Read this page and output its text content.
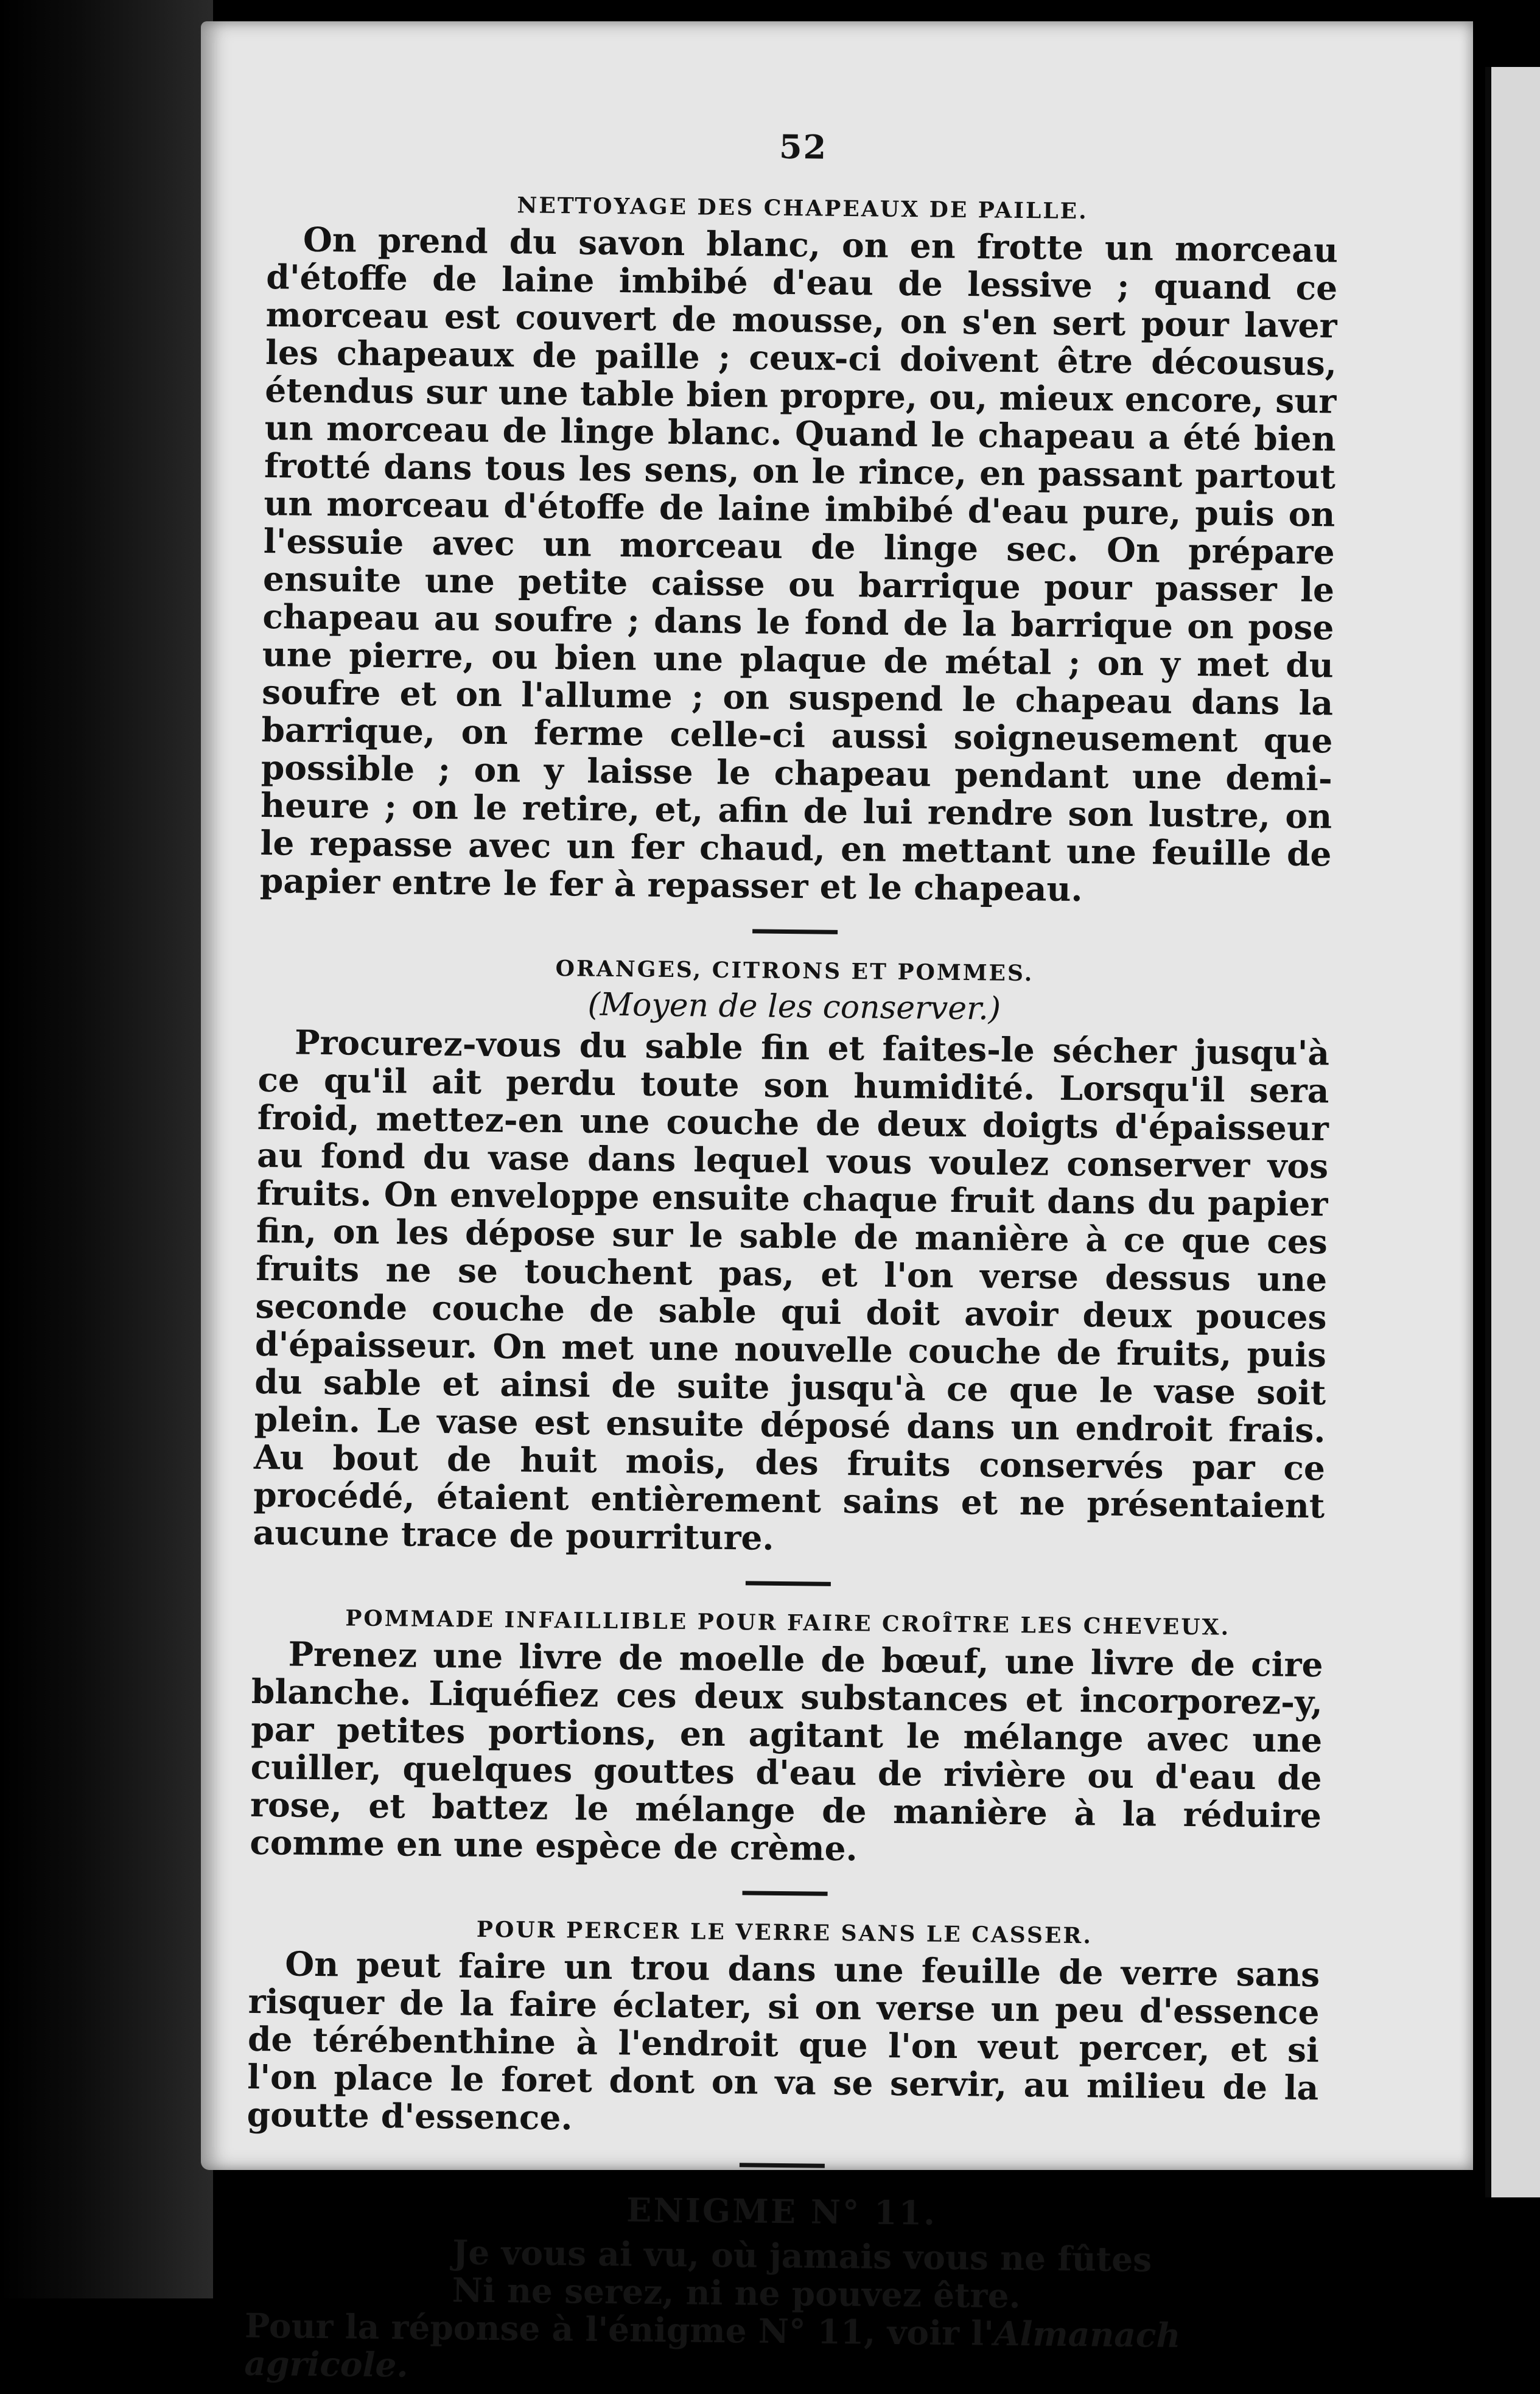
52
NETTOYAGE DES CHAPEAUX DE PAILLE.

On prend du savon blanc, on en frotte un morceau d'étoffe de laine imbibé d'eau de lessive ; quand ce morceau est couvert de mousse, on s'en sert pour laver les chapeaux de paille ; ceux-ci doivent être décousus, étendus sur une table bien propre, ou, mieux encore, sur un morceau de linge blanc. Quand le chapeau a été bien frotté dans tous les sens, on le rince, en passant partout un morceau d'étoffe de laine imbibé d'eau pure, puis on l'essuie avec un morceau de linge sec. On prépare ensuite une petite caisse ou barrique pour passer le chapeau au soufre ; dans le fond de la barrique on pose une pierre, ou bien une plaque de métal ; on y met du soufre et on l'allume ; on suspend le chapeau dans la barrique, on ferme celle-ci aussi soigneusement que possible ; on y laisse le chapeau pendant une demi-heure ; on le retire, et, afin de lui rendre son lustre, on le repasse avec un fer chaud, en mettant une feuille de papier entre le fer à repasser et le chapeau.

ORANGES, CITRONS ET POMMES.
(Moyen de les conserver.)

Procurez-vous du sable fin et faites-le sécher jusqu'à ce qu'il ait perdu toute son humidité. Lorsqu'il sera froid, mettez-en une couche de deux doigts d'épaisseur au fond du vase dans lequel vous voulez conserver vos fruits. On enveloppe ensuite chaque fruit dans du papier fin, on les dépose sur le sable de manière à ce que ces fruits ne se touchent pas, et l'on verse dessus une seconde couche de sable qui doit avoir deux pouces d'épaisseur. On met une nouvelle couche de fruits, puis du sable et ainsi de suite jusqu'à ce que le vase soit plein. Le vase est ensuite déposé dans un endroit frais. Au bout de huit mois, des fruits conservés par ce procédé, étaient entièrement sains et ne présentaient aucune trace de pourriture.

POMMADE INFAILLIBLE POUR FAIRE CROÎTRE LES CHEVEUX.

Prenez une livre de moelle de bœuf, une livre de cire blanche. Liquéfiez ces deux substances et incorporez-y, par petites portions, en agitant le mélange avec une cuiller, quelques gouttes d'eau de rivière ou d'eau de rose, et battez le mélange de manière à la réduire comme en une espèce de crème.

POUR PERCER LE VERRE SANS LE CASSER.

On peut faire un trou dans une feuille de verre sans risquer de la faire éclater, si on verse un peu d'essence de térébenthine à l'endroit que l'on veut percer, et si l'on place le foret dont on va se servir, au milieu de la goutte d'essence.

ENIGME N° 11.

Je vous ai vu, où jamais vous ne fûtes

Ni ne serez, ni ne pouvez être.

Pour la réponse à l'énigme N° 11, voir l'Almanach agricole.
